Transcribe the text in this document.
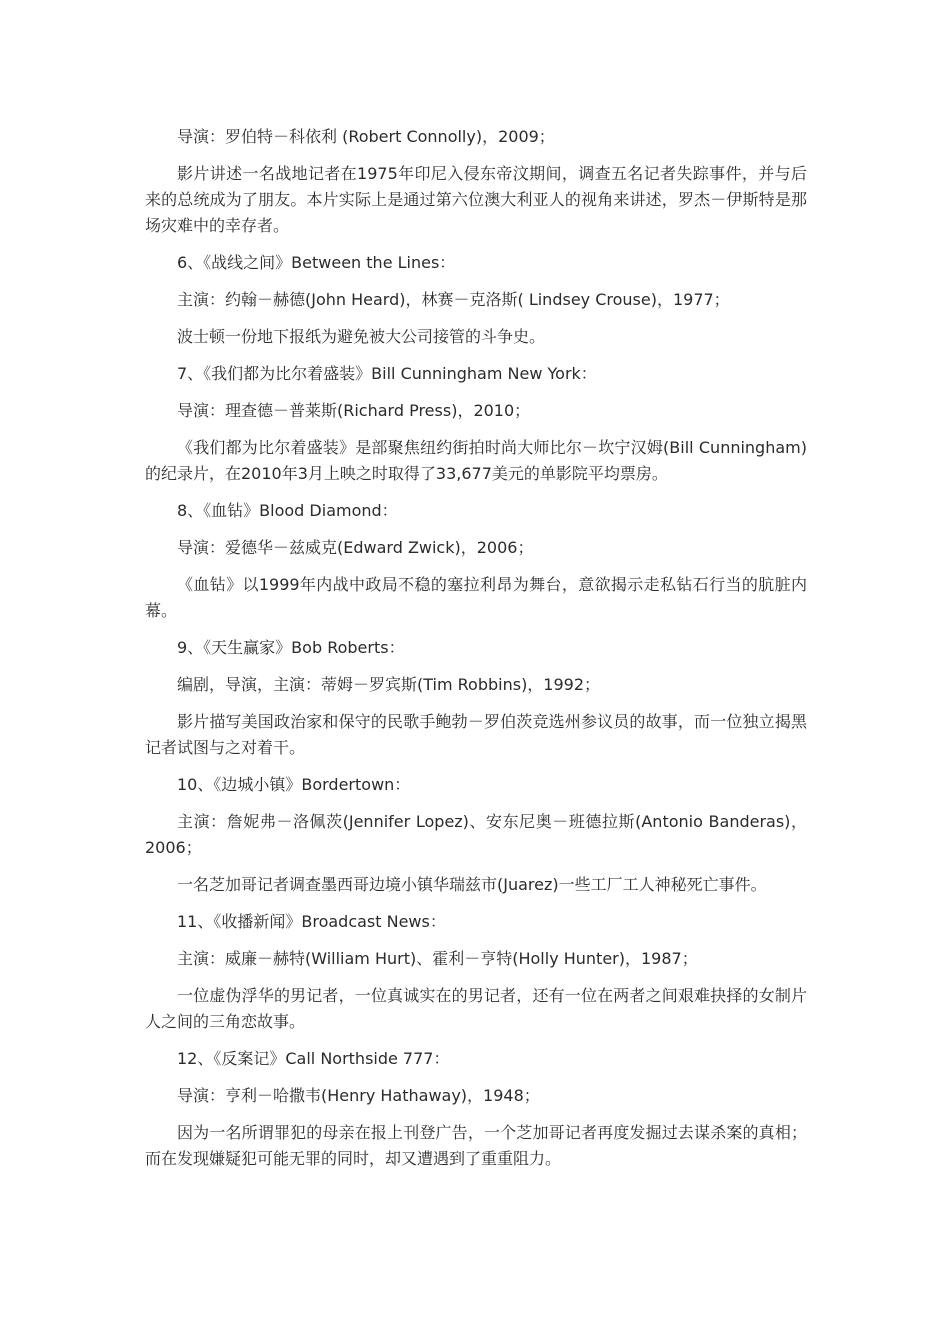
导演：罗伯特－科依利 (Robert Connolly)，2009；

影片讲述一名战地记者在1975年印尼入侵东帝汶期间，调查五名记者失踪事件，并与后来的总统成为了朋友。本片实际上是通过第六位澳大利亚人的视角来讲述，罗杰－伊斯特是那场灾难中的幸存者。

6、《战线之间》Between the Lines：

主演：约翰－赫德(John Heard)，林赛－克洛斯( Lindsey Crouse)，1977；

波士顿一份地下报纸为避免被大公司接管的斗争史。

7、《我们都为比尔着盛装》Bill Cunningham New York：

导演：理查德－普莱斯(Richard Press)，2010；

《我们都为比尔着盛装》是部聚焦纽约街拍时尚大师比尔－坎宁汉姆(Bill Cunningham)的纪录片，在2010年3月上映之时取得了33,677美元的单影院平均票房。

8、《血钻》Blood Diamond：

导演：爱德华－兹威克(Edward Zwick)，2006；

《血钻》以1999年内战中政局不稳的塞拉利昂为舞台，意欲揭示走私钻石行当的肮脏内幕。

9、《天生赢家》Bob Roberts：

编剧，导演，主演：蒂姆－罗宾斯(Tim Robbins)，1992；

影片描写美国政治家和保守的民歌手鲍勃－罗伯茨竞选州参议员的故事，而一位独立揭黑记者试图与之对着干。

10、《边城小镇》Bordertown：

主演：詹妮弗－洛佩茨(Jennifer Lopez)、安东尼奥－班德拉斯(Antonio Banderas)，2006；

一名芝加哥记者调查墨西哥边境小镇华瑞兹市(Juarez)一些工厂工人神秘死亡事件。

11、《收播新闻》Broadcast News：

主演：威廉－赫特(William Hurt)、霍利－亨特(Holly Hunter)，1987；

一位虚伪浮华的男记者，一位真诚实在的男记者，还有一位在两者之间艰难抉择的女制片人之间的三角恋故事。

12、《反案记》Call Northside 777：

导演：亨利－哈撒韦(Henry Hathaway)，1948；

因为一名所谓罪犯的母亲在报上刊登广告，一个芝加哥记者再度发掘过去谋杀案的真相；而在发现嫌疑犯可能无罪的同时，却又遭遇到了重重阻力。
